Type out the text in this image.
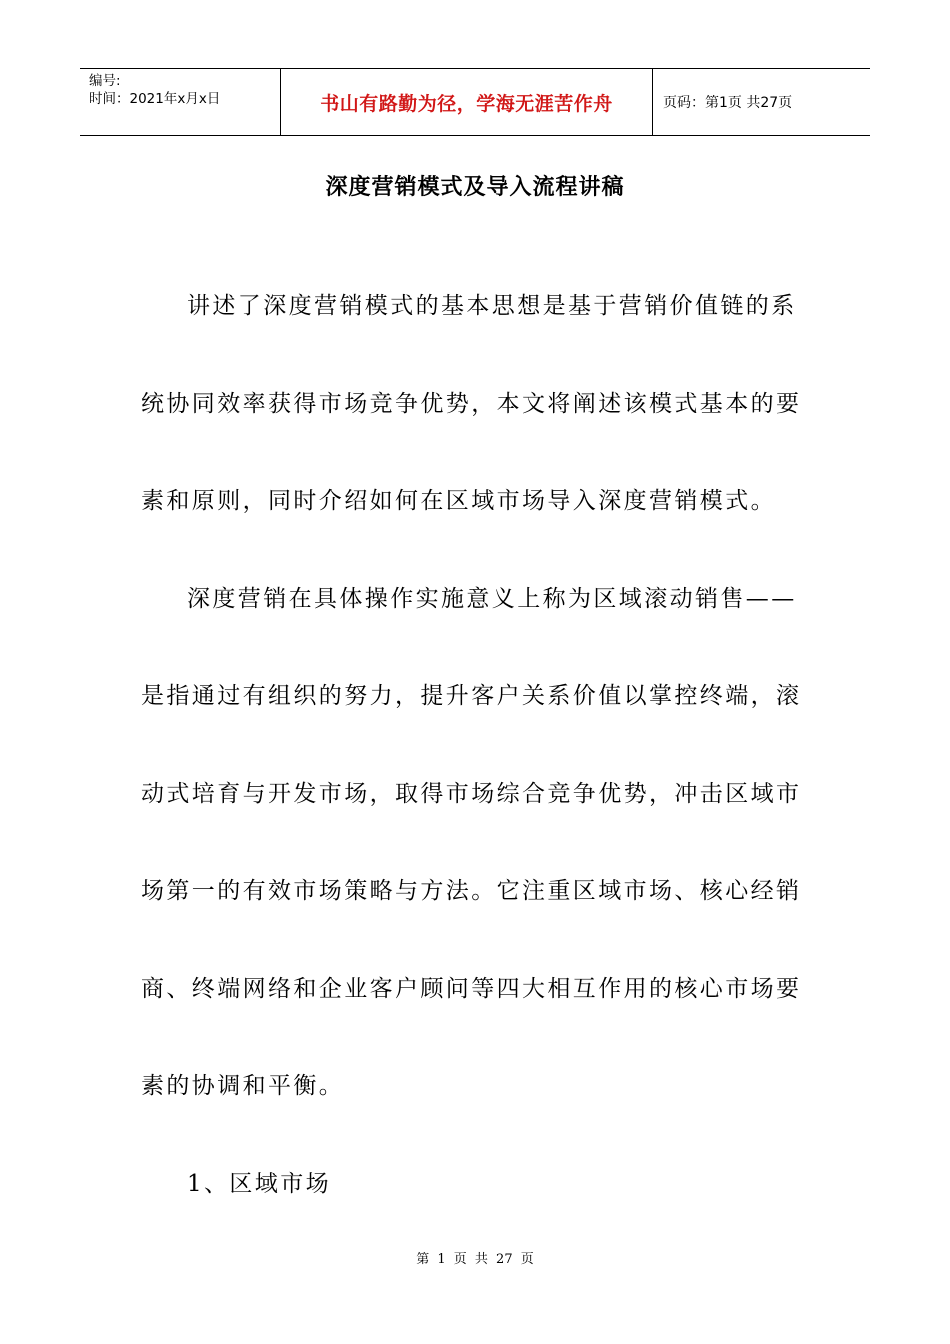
编号:
时间：2021年x月x日	书山有路勤为径，学海无涯苦作舟	页码：第1页 共27页
深度营销模式及导入流程讲稿

讲述了深度营销模式的基本思想是基于营销价值链的系统协同效率获得市场竞争优势，本文将阐述该模式基本的要素和原则，同时介绍如何在区域市场导入深度营销模式。

深度营销在具体操作实施意义上称为区域滚动销售——是指通过有组织的努力，提升客户关系价值以掌控终端，滚动式培育与开发市场，取得市场综合竞争优势，冲击区域市场第一的有效市场策略与方法。它注重区域市场、核心经销商、终端网络和企业客户顾问等四大相互作用的核心市场要素的协调和平衡。

1、区域市场

第 1 页 共 27 页
